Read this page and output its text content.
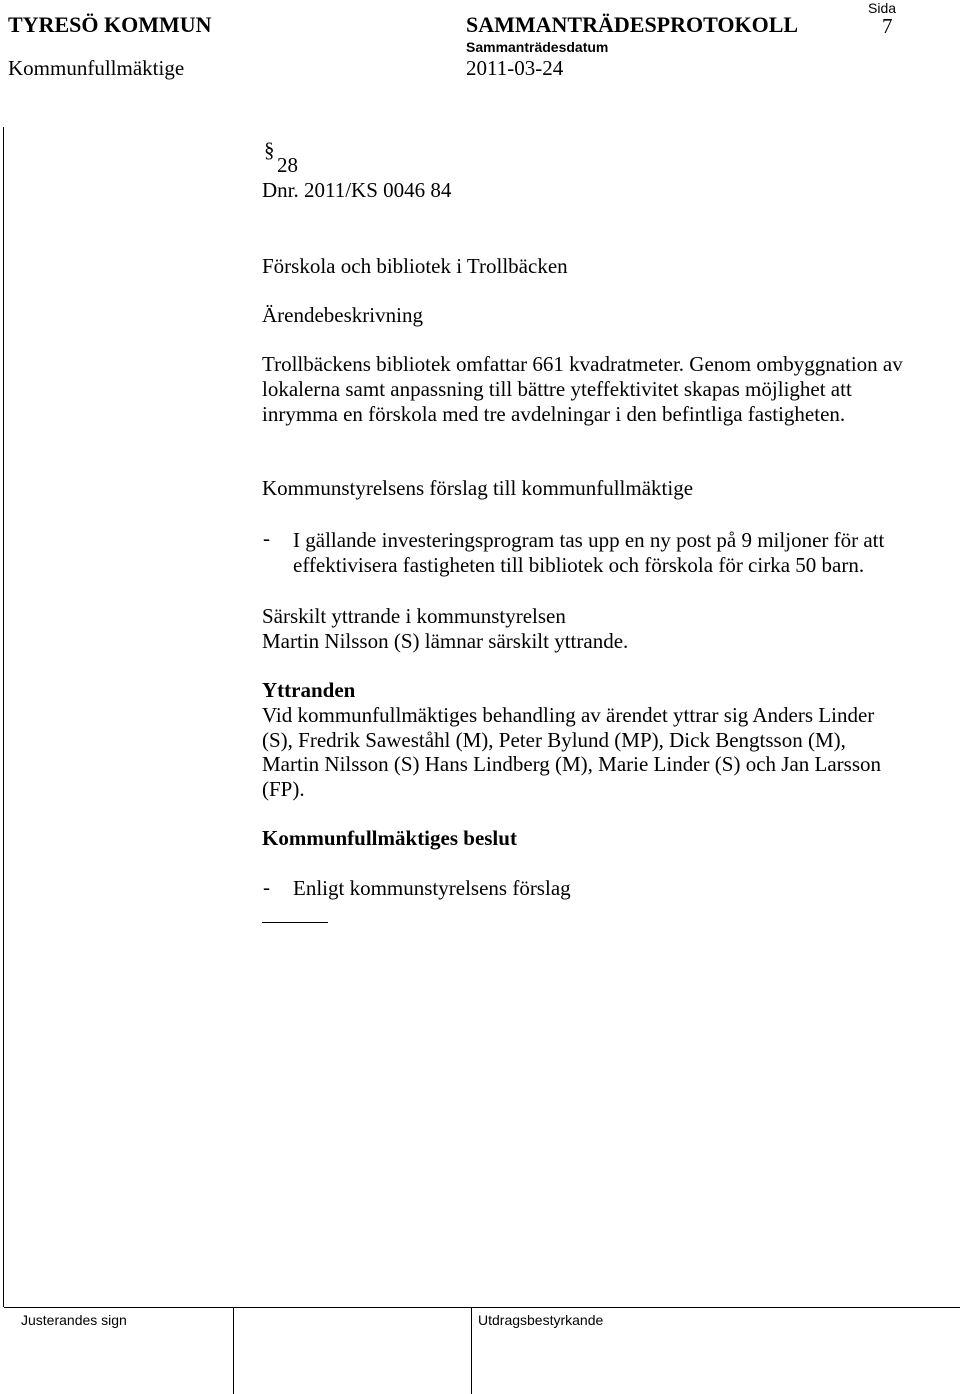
TYRESÖ KOMMUN
Kommunfullmäktige
SAMMANTRÄDESPROTOKOLL
Sammanträdesdatum
2011-03-24
Sida
7
§
28
Dnr. 2011/KS 0046 84
Förskola och bibliotek i Trollbäcken
Ärendebeskrivning
Trollbäckens bibliotek omfattar 661 kvadratmeter. Genom ombyggnation av
lokalerna samt anpassning till bättre yteffektivitet skapas möjlighet att
inrymma en förskola med tre avdelningar i den befintliga fastigheten.
Kommunstyrelsens förslag till kommunfullmäktige
- I gällande investeringsprogram tas upp en ny post på 9 miljoner för att
effektivisera fastigheten till bibliotek och förskola för cirka 50 barn.
Särskilt yttrande i kommunstyrelsen
Martin Nilsson (S) lämnar särskilt yttrande.
Yttranden
Vid kommunfullmäktiges behandling av ärendet yttrar sig Anders Linder
(S), Fredrik Saweståhl (M), Peter Bylund (MP), Dick Bengtsson (M),
Martin Nilsson (S) Hans Lindberg (M), Marie Linder (S) och Jan Larsson
(FP).
Kommunfullmäktiges beslut
- Enligt kommunstyrelsens förslag
Justerandes sign	Utdragsbestyrkande
